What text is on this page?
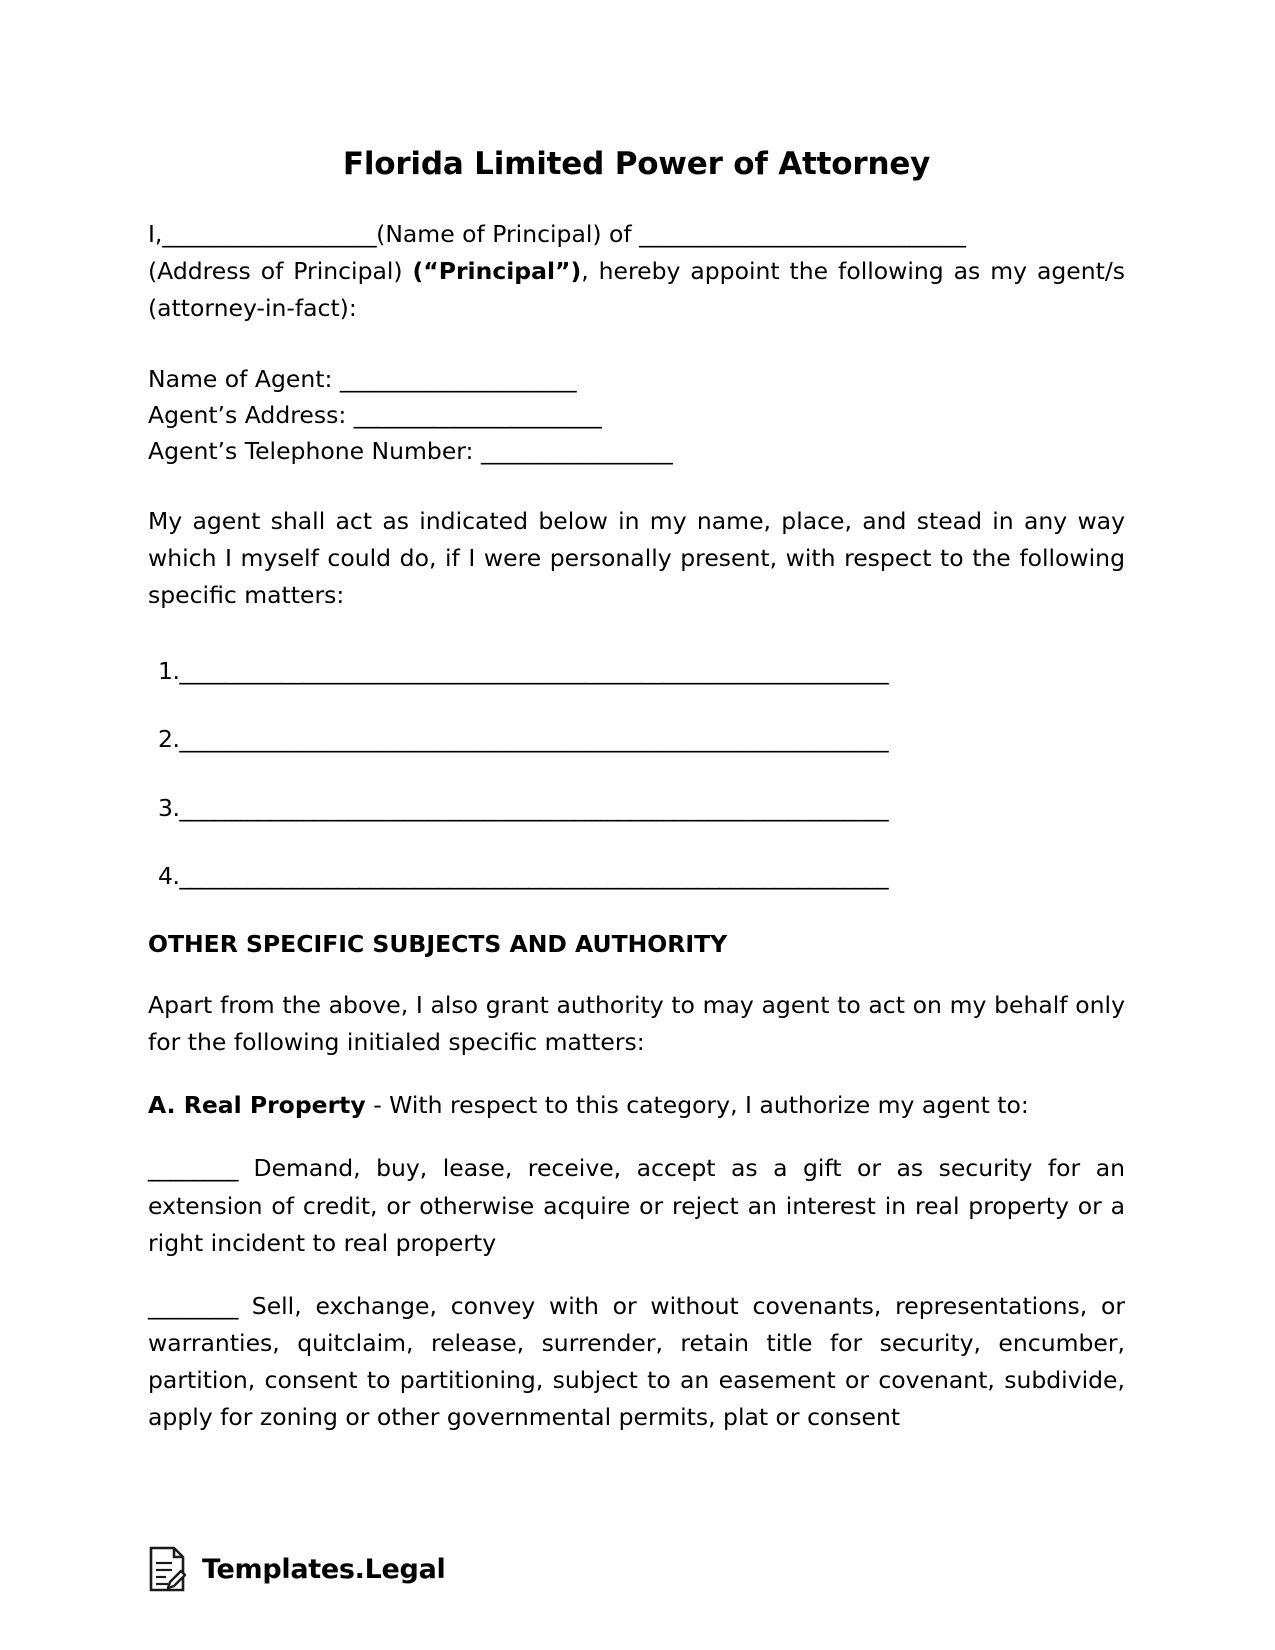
Florida Limited Power of Attorney

I,___________________(Name of Principal) of _____________________________
(Address of Principal) (“Principal”), hereby appoint the following as my agent/s (attorney-in-fact):

Name of Agent: _____________________

Agent’s Address: ______________________

Agent’s Telephone Number: _________________

My agent shall act as indicated below in my name, place, and stead in any way which I myself could do, if I were personally present, with respect to the following specific matters:

1._______________________________________________________________

2._______________________________________________________________

3._______________________________________________________________

4._______________________________________________________________

OTHER SPECIFIC SUBJECTS AND AUTHORITY

Apart from the above, I also grant authority to may agent to act on my behalf only for the following initialed specific matters:

A. Real Property - With respect to this category, I authorize my agent to:

________ Demand, buy, lease, receive, accept as a gift or as security for an extension of credit, or otherwise acquire or reject an interest in real property or a right incident to real property

________ Sell, exchange, convey with or without covenants, representations, or warranties, quitclaim, release, surrender, retain title for security, encumber, partition, consent to partitioning, subject to an easement or covenant, subdivide, apply for zoning or other governmental permits, plat or consent

Templates.Legal
